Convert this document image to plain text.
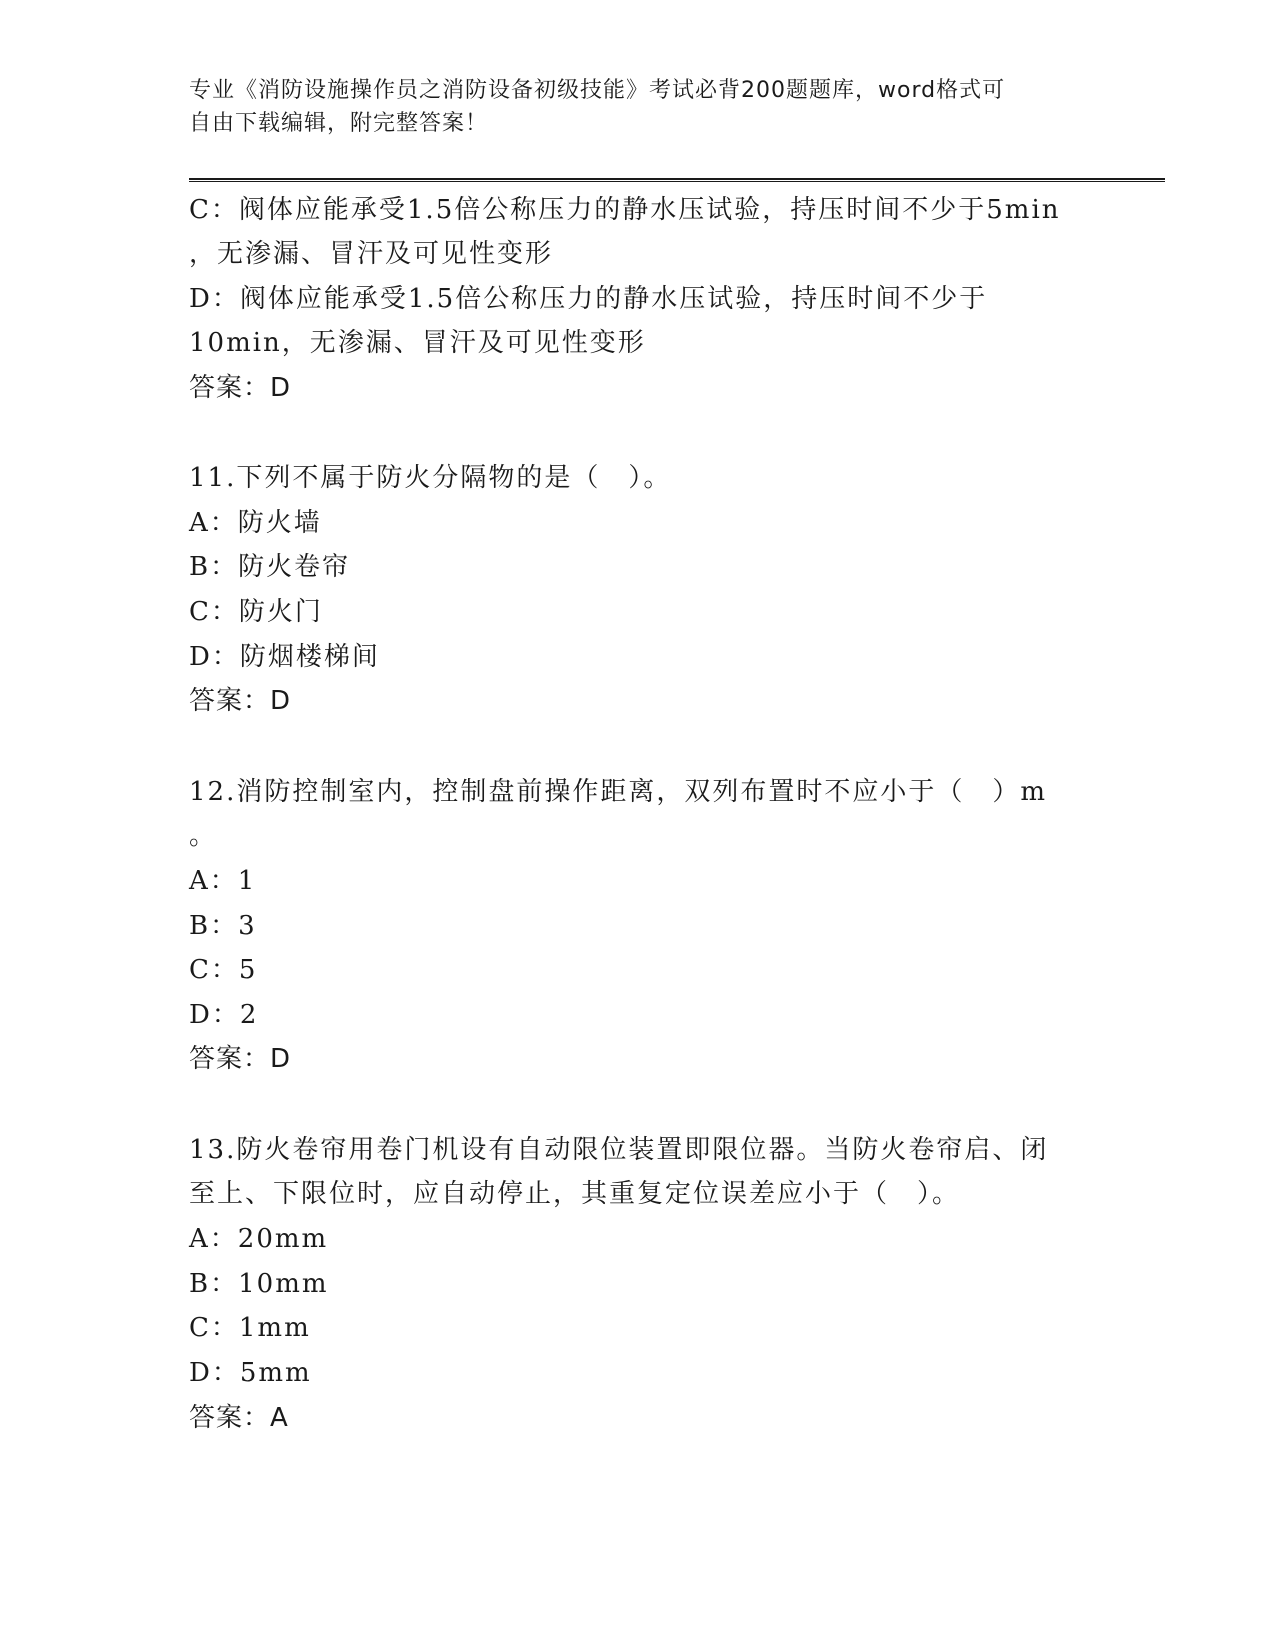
专业《消防设施操作员之消防设备初级技能》考试必背200题题库，word格式可
自由下载编辑，附完整答案！
C：阀体应能承受1.5倍公称压力的静水压试验，持压时间不少于5min
，无渗漏、冒汗及可见性变形
D：阀体应能承受1.5倍公称压力的静水压试验，持压时间不少于
10min，无渗漏、冒汗及可见性变形
答案：D
11.下列不属于防火分隔物的是（　）。
A：防火墙
B：防火卷帘
C：防火门
D：防烟楼梯间
答案：D
12.消防控制室内，控制盘前操作距离，双列布置时不应小于（　）m
。
A：1
B：3
C：5
D：2
答案：D
13.防火卷帘用卷门机设有自动限位装置即限位器。当防火卷帘启、闭
至上、下限位时，应自动停止，其重复定位误差应小于（　）。
A：20mm
B：10mm
C：1mm
D：5mm
答案：A
